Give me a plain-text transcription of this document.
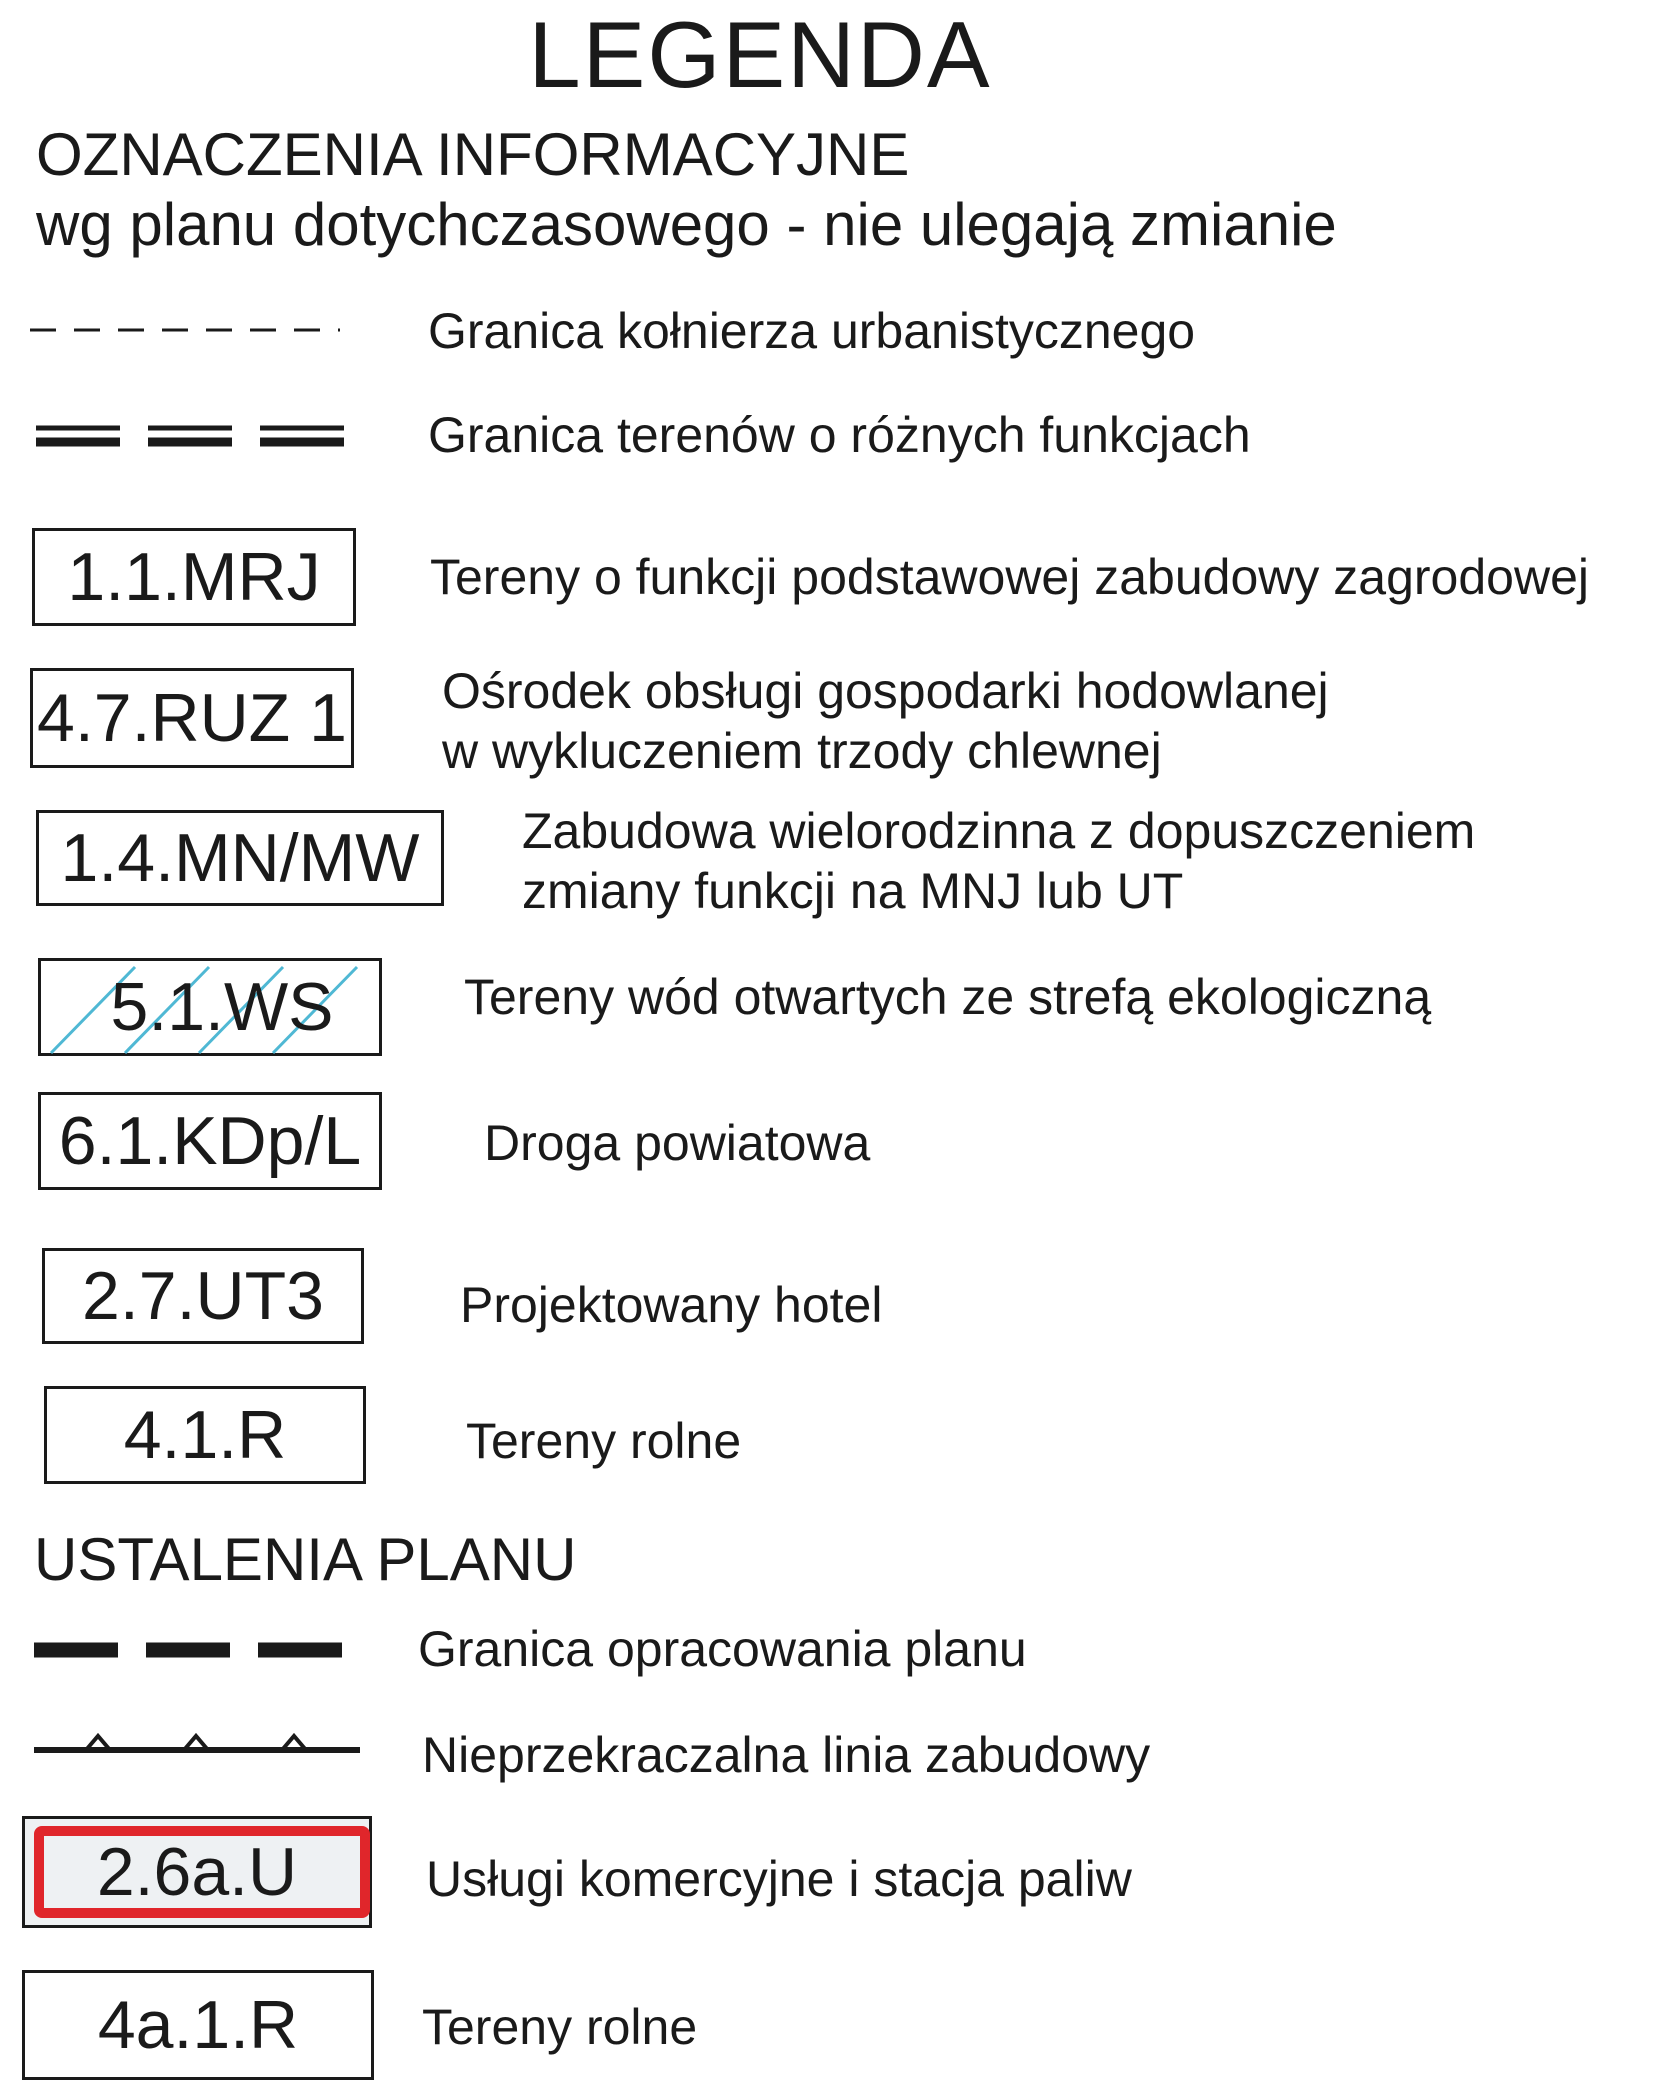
LEGENDA
OZNACZENIA INFORMACYJNE
wg planu dotychczasowego - nie ulegają zmianie
Granica kołnierza urbanistycznego
Granica terenów o różnych funkcjach
1.1.MRJ Tereny o funkcji podstawowej zabudowy zagrodowej
4.7.RUZ 1 Ośrodek obsługi gospodarki hodowlanej
w wykluczeniem trzody chlewnej
1.4.MN/MW Zabudowa wielorodzinna z dopuszczeniem
zmiany funkcji na MNJ lub UT
5.1.WS	Tereny wód otwartych ze strefą ekologiczną
6.1.KDp/L Droga powiatowa
2.7.UT3	Projektowany hotel
4.1.R	Tereny rolne
USTALENIA PLANU
Granica opracowania planu
Nieprzekraczalna linia zabudowy
2.6a.U	Usługi komercyjne i stacja paliw
4a.1.R Tereny rolne
